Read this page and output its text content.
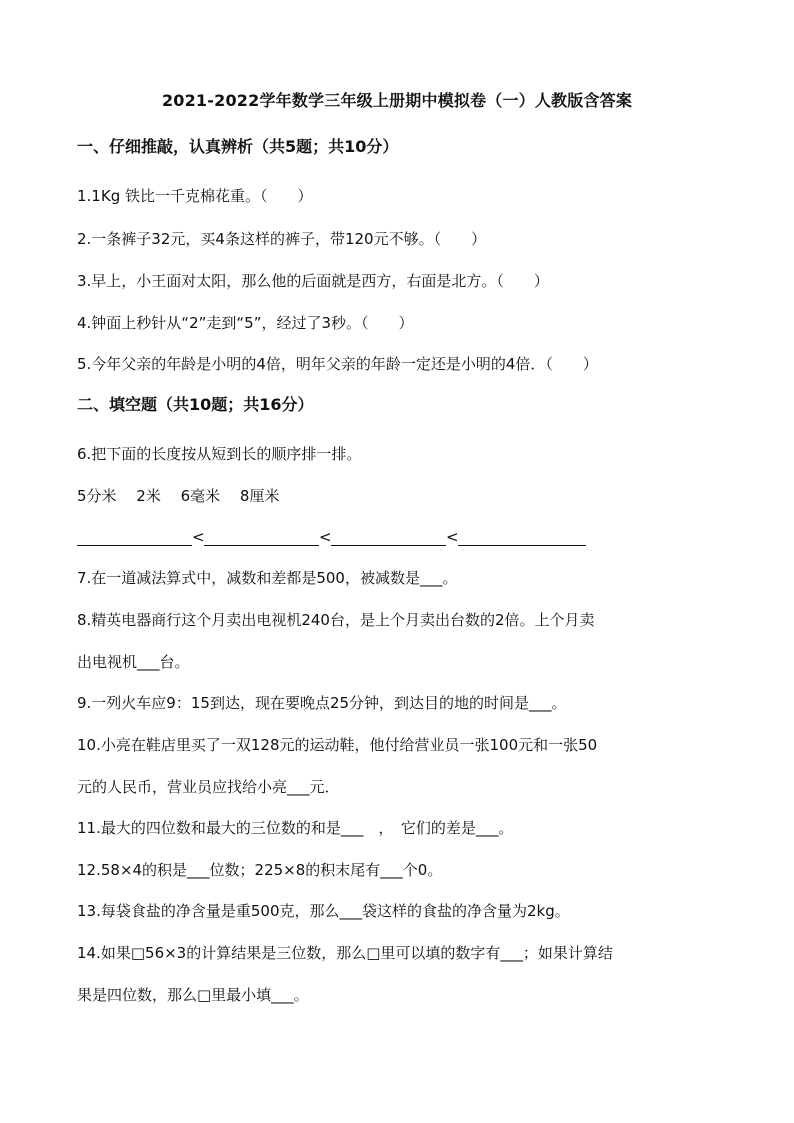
2021-2022学年数学三年级上册期中模拟卷（一）人教版含答案
一、仔细推敲，认真辨析（共5题；共10分）
1.1Kg 铁比一千克棉花重。（　　）
2.一条裤子32元，买4条这样的裤子，带120元不够。（　　）
3.早上，小王面对太阳，那么他的后面就是西方，右面是北方。（　　）
4.钟面上秒针从“2”走到“5”，经过了3秒。（　　）
5.今年父亲的年龄是小明的4倍，明年父亲的年龄一定还是小明的4倍．（　　）
二、填空题（共10题；共16分）
6.把下面的长度按从短到长的顺序排一排。
5分米　 2米　 6毫米　 8厘米
<	<	<
7.在一道减法算式中，减数和差都是500，被减数是___。
8.精英电器商行这个月卖出电视机240台，是上个月卖出台数的2倍。上个月卖
出电视机___台。
9.一列火车应9：15到达，现在要晚点25分钟，到达目的地的时间是___。
10.小亮在鞋店里买了一双128元的运动鞋，他付给营业员一张100元和一张50
元的人民币，营业员应找给小亮___元．
11.最大的四位数和最大的三位数的和是___　，　它们的差是___。
12.58×4的积是___位数；225×8的积末尾有___个0。
13.每袋食盐的净含量是重500克，那么___袋这样的食盐的净含量为2kg。
14.如果□56×3的计算结果是三位数，那么□里可以填的数字有___；如果计算结
果是四位数，那么□里最小填___。
